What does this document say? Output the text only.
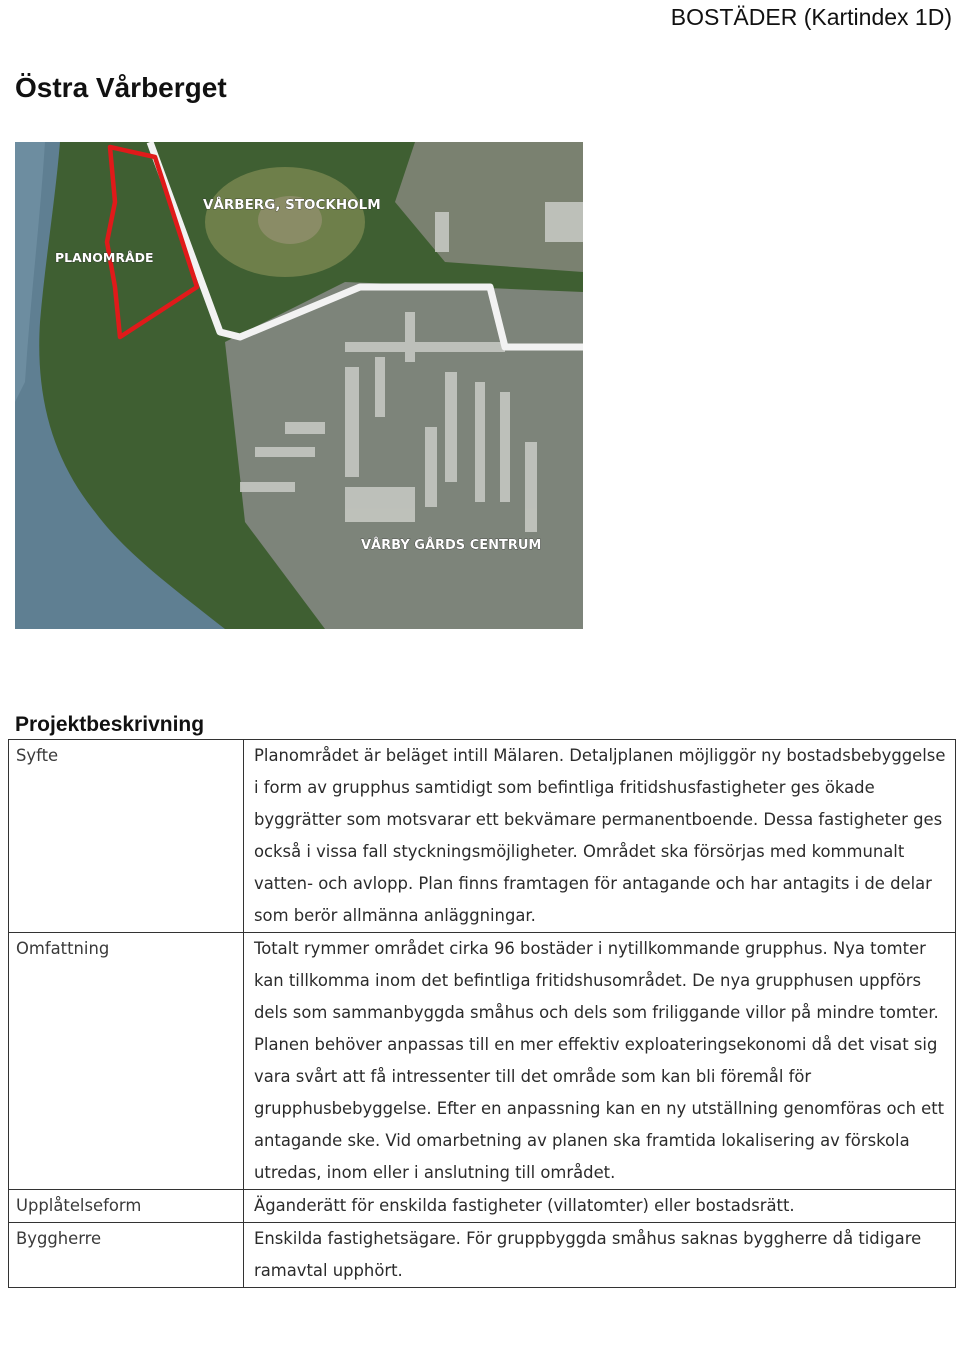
BOSTÄDER (Kartindex 1D)
Östra Vårberget
VÅRBERG, STOCKHOLM
PLANOMRÅDE
VÅRBY GÅRDS CENTRUM
Projektbeskrivning
Syfte	Planområdet är beläget intill Mälaren. Detaljplanen möjliggör ny bostadsbebyggelse i form av grupphus samtidigt som befintliga fritidshusfastigheter ges ökade byggrätter som motsvarar ett bekvämare permanentboende. Dessa fastigheter ges också i vissa fall styckningsmöjligheter. Området ska försörjas med kommunalt vatten- och avlopp. Plan finns framtagen för antagande och har antagits i de delar som berör allmänna anläggningar.
Omfattning	Totalt rymmer området cirka 96 bostäder i nytillkommande grupphus. Nya tomter kan tillkomma inom det befintliga fritidshusområdet. De nya grupphusen uppförs dels som sammanbyggda småhus och dels som friliggande villor på mindre tomter. Planen behöver anpassas till en mer effektiv exploateringsekonomi då det visat sig vara svårt att få intressenter till det område som kan bli föremål för grupphusbebyggelse. Efter en anpassning kan en ny utställning genomföras och ett antagande ske. Vid omarbetning av planen ska framtida lokalisering av förskola utredas, inom eller i anslutning till området.
Upplåtelseform	Äganderätt för enskilda fastigheter (villatomter) eller bostadsrätt.
Byggherre	Enskilda fastighetsägare. För gruppbyggda småhus saknas byggherre då tidigare ramavtal upphört.
